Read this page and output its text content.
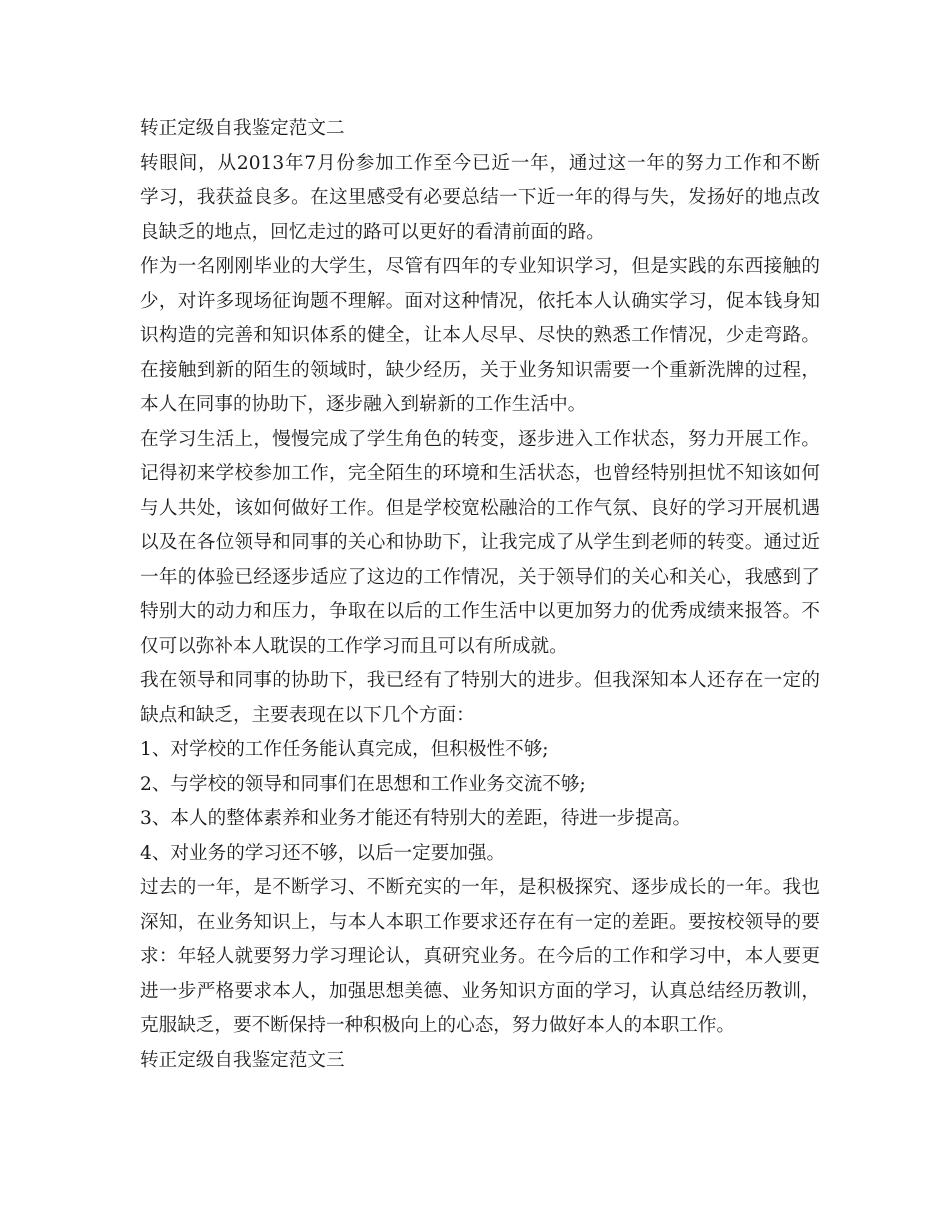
转正定级自我鉴定范文二
转眼间，从2013年7月份参加工作至今已近一年，通过这一年的努力工作和不断
学习，我获益良多。在这里感受有必要总结一下近一年的得与失，发扬好的地点改
良缺乏的地点，回忆走过的路可以更好的看清前面的路。
作为一名刚刚毕业的大学生，尽管有四年的专业知识学习，但是实践的东西接触的
少，对许多现场征询题不理解。面对这种情况，依托本人认确实学习，促本钱身知
识构造的完善和知识体系的健全，让本人尽早、尽快的熟悉工作情况，少走弯路。
在接触到新的陌生的领域时，缺少经历，关于业务知识需要一个重新洗牌的过程，
本人在同事的协助下，逐步融入到崭新的工作生活中。
在学习生活上，慢慢完成了学生角色的转变，逐步进入工作状态，努力开展工作。
记得初来学校参加工作，完全陌生的环境和生活状态，也曾经特别担忧不知该如何
与人共处，该如何做好工作。但是学校宽松融洽的工作气氛、良好的学习开展机遇
以及在各位领导和同事的关心和协助下，让我完成了从学生到老师的转变。通过近
一年的体验已经逐步适应了这边的工作情况，关于领导们的关心和关心，我感到了
特别大的动力和压力，争取在以后的工作生活中以更加努力的优秀成绩来报答。不
仅可以弥补本人耽误的工作学习而且可以有所成就。
我在领导和同事的协助下，我已经有了特别大的进步。但我深知本人还存在一定的
缺点和缺乏，主要表现在以下几个方面：
1、对学校的工作任务能认真完成，但积极性不够;
2、与学校的领导和同事们在思想和工作业务交流不够;
3、本人的整体素养和业务才能还有特别大的差距，待进一步提高。
4、对业务的学习还不够，以后一定要加强。
过去的一年，是不断学习、不断充实的一年，是积极探究、逐步成长的一年。我也
深知，在业务知识上，与本人本职工作要求还存在有一定的差距。要按校领导的要
求：年轻人就要努力学习理论认，真研究业务。在今后的工作和学习中，本人要更
进一步严格要求本人，加强思想美德、业务知识方面的学习，认真总结经历教训，
克服缺乏，要不断保持一种积极向上的心态，努力做好本人的本职工作。
转正定级自我鉴定范文三
